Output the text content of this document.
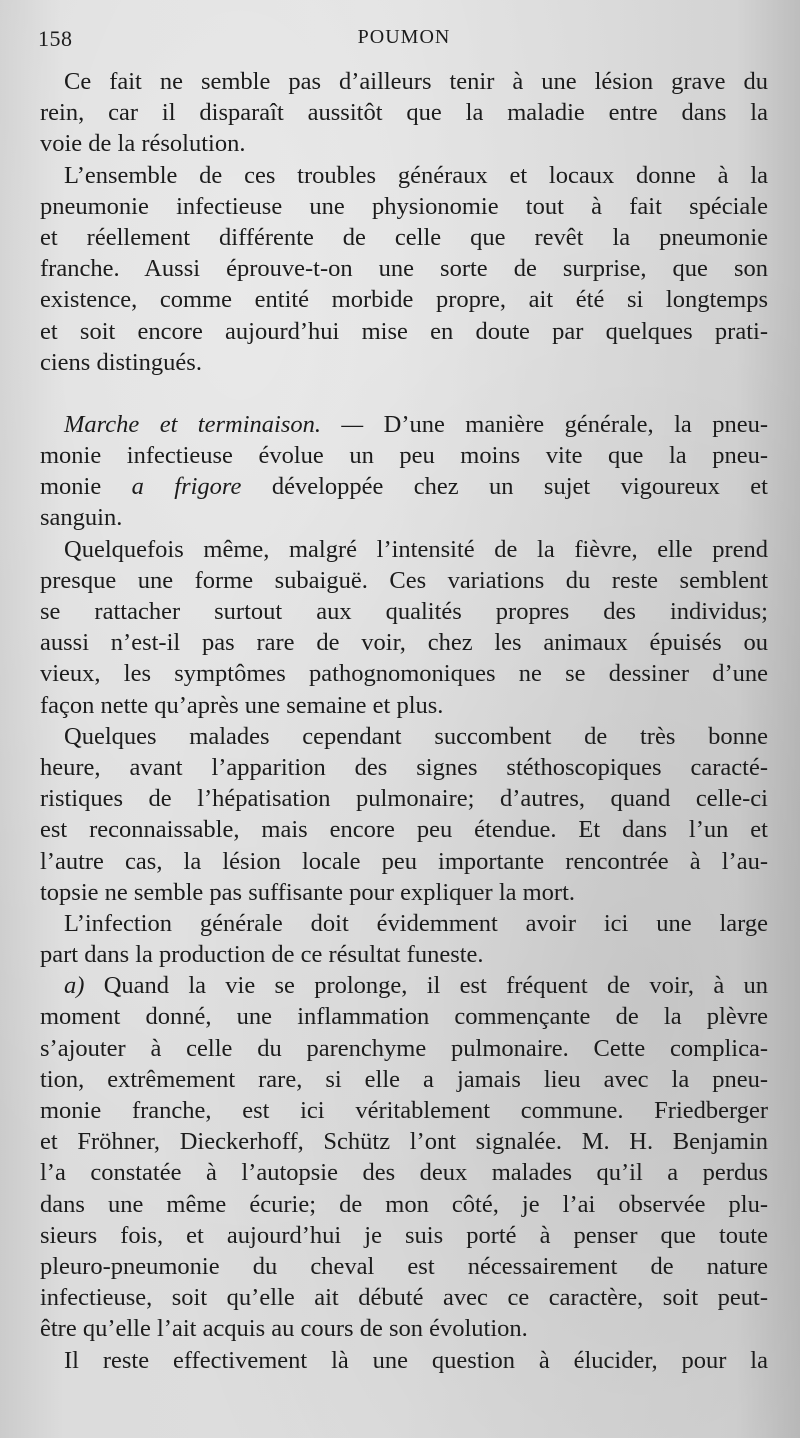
158	POUMON
Ce fait ne semble pas d’ailleurs tenir à une lésion grave du
rein, car il disparaît aussitôt que la maladie entre dans la
voie de la résolution.
L’ensemble de ces troubles généraux et locaux donne à la
pneumonie infectieuse une physionomie tout à fait spéciale
et réellement différente de celle que revêt la pneumonie
franche. Aussi éprouve-t-on une sorte de surprise, que son
existence, comme entité morbide propre, ait été si longtemps
et soit encore aujourd’hui mise en doute par quelques prati-
ciens distingués.
Marche et terminaison. — D’une manière générale, la pneu-
monie infectieuse évolue un peu moins vite que la pneu-
monie a frigore développée chez un sujet vigoureux et
sanguin.
Quelquefois même, malgré l’intensité de la fièvre, elle prend
presque une forme subaiguë. Ces variations du reste semblent
se rattacher surtout aux qualités propres des individus;
aussi n’est-il pas rare de voir, chez les animaux épuisés ou
vieux, les symptômes pathognomoniques ne se dessiner d’une
façon nette qu’après une semaine et plus.
Quelques malades cependant succombent de très bonne
heure, avant l’apparition des signes stéthoscopiques caracté-
ristiques de l’hépatisation pulmonaire; d’autres, quand celle-ci
est reconnaissable, mais encore peu étendue. Et dans l’un et
l’autre cas, la lésion locale peu importante rencontrée à l’au-
topsie ne semble pas suffisante pour expliquer la mort.
L’infection générale doit évidemment avoir ici une large
part dans la production de ce résultat funeste.
a) Quand la vie se prolonge, il est fréquent de voir, à un
moment donné, une inflammation commençante de la plèvre
s’ajouter à celle du parenchyme pulmonaire. Cette complica-
tion, extrêmement rare, si elle a jamais lieu avec la pneu-
monie franche, est ici véritablement commune. Friedberger
et Fröhner, Dieckerhoff, Schütz l’ont signalée. M. H. Benjamin
l’a constatée à l’autopsie des deux malades qu’il a perdus
dans une même écurie; de mon côté, je l’ai observée plu-
sieurs fois, et aujourd’hui je suis porté à penser que toute
pleuro-pneumonie du cheval est nécessairement de nature
infectieuse, soit qu’elle ait débuté avec ce caractère, soit peut-
être qu’elle l’ait acquis au cours de son évolution.
Il reste effectivement là une question à élucider, pour la
